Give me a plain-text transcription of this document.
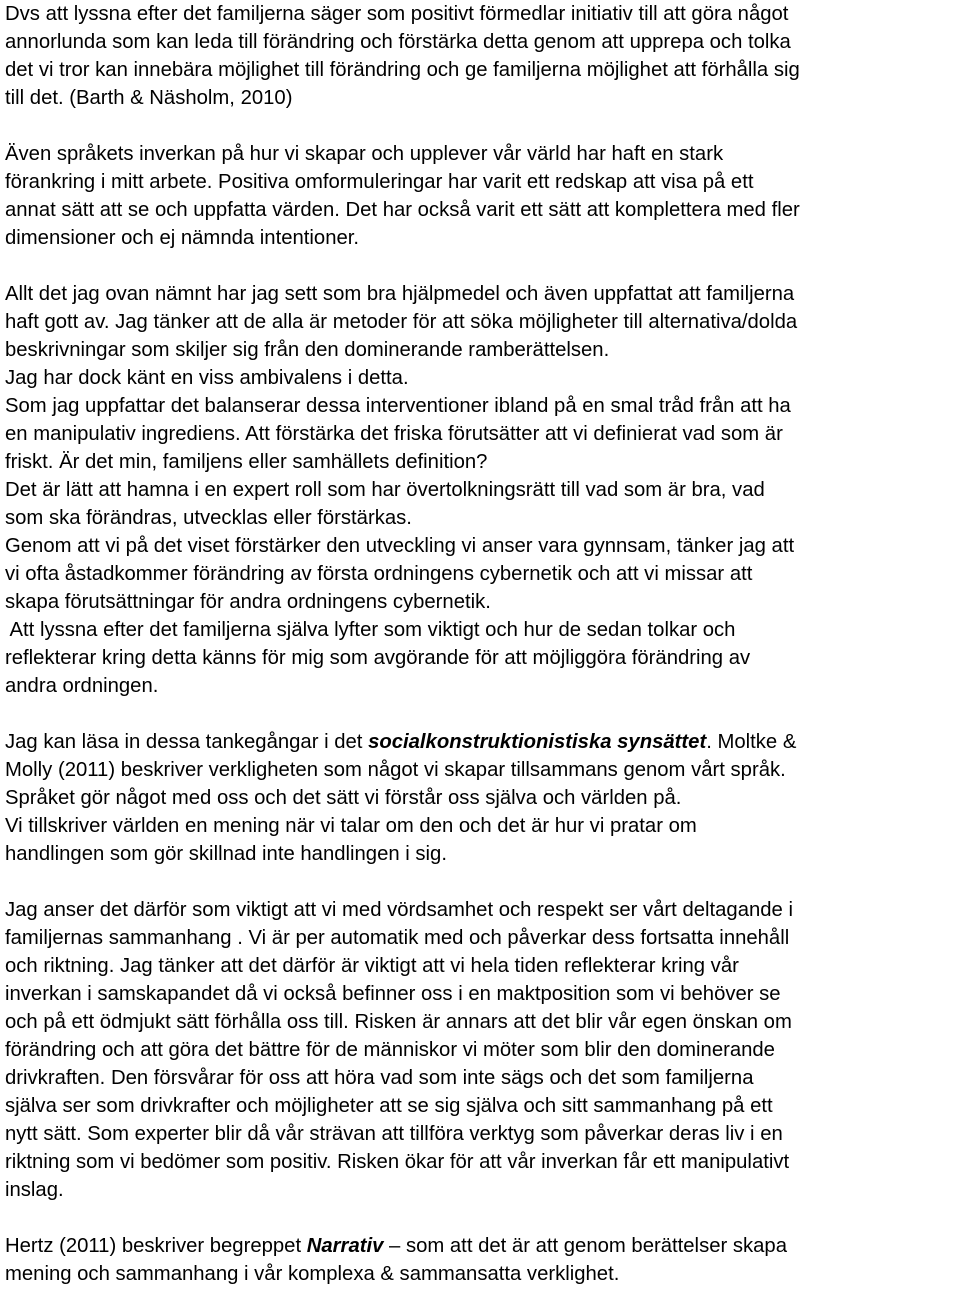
Dvs att lyssna efter det familjerna säger som positivt förmedlar initiativ till att göra något
annorlunda som kan leda till förändring och förstärka detta genom att upprepa och tolka
det vi tror kan innebära möjlighet till förändring och ge familjerna möjlighet att förhålla sig
till det. (Barth & Näsholm, 2010)
Även språkets inverkan på hur vi skapar och upplever vår värld har haft en stark
förankring i mitt arbete. Positiva omformuleringar har varit ett redskap att visa på ett
annat sätt att se och uppfatta värden. Det har också varit ett sätt att komplettera med fler
dimensioner och ej nämnda intentioner.
Allt det jag ovan nämnt har jag sett som bra hjälpmedel och även uppfattat att familjerna
haft gott av. Jag tänker att de alla är metoder för att söka möjligheter till alternativa/dolda
beskrivningar som skiljer sig från den dominerande ramberättelsen.
Jag har dock känt en viss ambivalens i detta.
Som jag uppfattar det balanserar dessa interventioner ibland på en smal tråd från att ha
en manipulativ ingrediens. Att förstärka det friska förutsätter att vi definierat vad som är
friskt. Är det min, familjens eller samhällets definition?
Det är lätt att hamna i en expert roll som har övertolkningsrätt till vad som är bra, vad
som ska förändras, utvecklas eller förstärkas.
Genom att vi på det viset förstärker den utveckling vi anser vara gynnsam, tänker jag att
vi ofta åstadkommer förändring av första ordningens cybernetik och att vi missar att
skapa förutsättningar för andra ordningens cybernetik.
Att lyssna efter det familjerna själva lyfter som viktigt och hur de sedan tolkar och
reflekterar kring detta känns för mig som avgörande för att möjliggöra förändring av
andra ordningen.
Jag kan läsa in dessa tankegångar i det socialkonstruktionistiska synsättet. Moltke &
Molly (2011) beskriver verkligheten som något vi skapar tillsammans genom vårt språk.
Språket gör något med oss och det sätt vi förstår oss själva och världen på.
Vi tillskriver världen en mening när vi talar om den och det är hur vi pratar om
handlingen som gör skillnad inte handlingen i sig.
Jag anser det därför som viktigt att vi med vördsamhet och respekt ser vårt deltagande i
familjernas sammanhang . Vi är per automatik med och påverkar dess fortsatta innehåll
och riktning. Jag tänker att det därför är viktigt att vi hela tiden reflekterar kring vår
inverkan i samskapandet då vi också befinner oss i en maktposition som vi behöver se
och på ett ödmjukt sätt förhålla oss till. Risken är annars att det blir vår egen önskan om
förändring och att göra det bättre för de människor vi möter som blir den dominerande
drivkraften. Den försvårar för oss att höra vad som inte sägs och det som familjerna
själva ser som drivkrafter och möjligheter att se sig själva och sitt sammanhang på ett
nytt sätt. Som experter blir då vår strävan att tillföra verktyg som påverkar deras liv i en
riktning som vi bedömer som positiv. Risken ökar för att vår inverkan får ett manipulativt
inslag.
Hertz (2011) beskriver begreppet Narrativ – som att det är att genom berättelser skapa
mening och sammanhang i vår komplexa & sammansatta verklighet.
